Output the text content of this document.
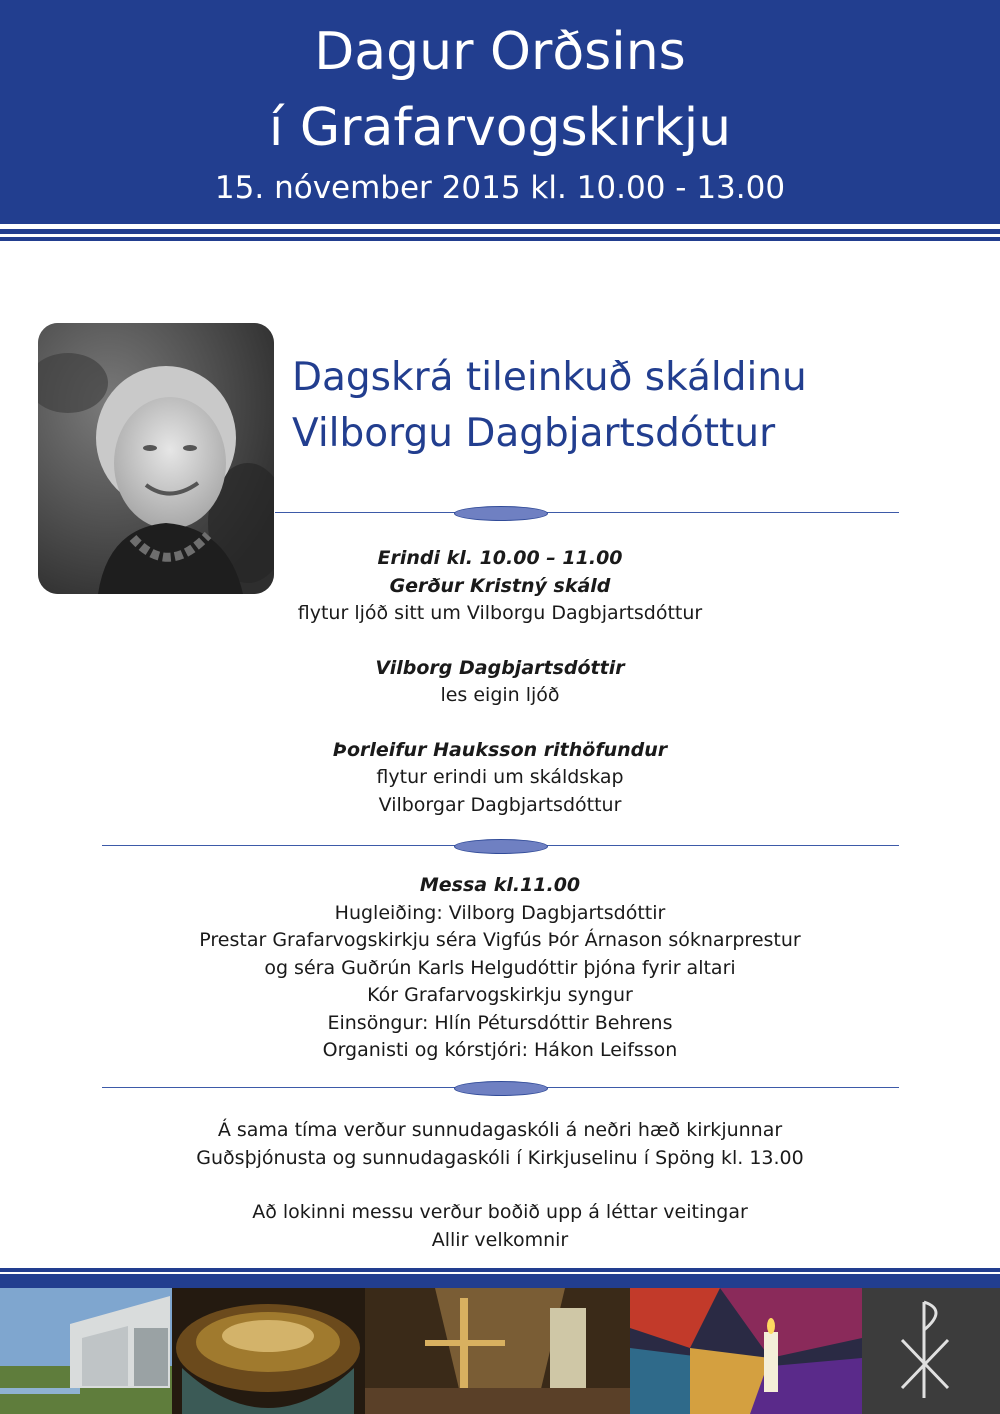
Dagur Orðsins
í Grafarvogskirkju
15. nóvember 2015 kl. 10.00 - 13.00
Dagskrá tileinkuð skáldinu
Vilborgu Dagbjartsdóttur
Erindi kl. 10.00 – 11.00
Gerður Kristný skáld
flytur ljóð sitt um Vilborgu Dagbjartsdóttur
Vilborg Dagbjartsdóttir
les eigin ljóð
Þorleifur Hauksson rithöfundur
flytur erindi um skáldskap
Vilborgar Dagbjartsdóttur
Messa kl.11.00
Hugleiðing: Vilborg Dagbjartsdóttir
Prestar Grafarvogskirkju séra Vigfús Þór Árnason sóknarprestur
og séra Guðrún Karls Helgudóttir þjóna fyrir altari
Kór Grafarvogskirkju syngur
Einsöngur: Hlín Pétursdóttir Behrens
Organisti og kórstjóri: Hákon Leifsson
Á sama tíma verður sunnudagaskóli á neðri hæð kirkjunnar
Guðsþjónusta og sunnudagaskóli í Kirkjuselinu í Spöng kl. 13.00
Að lokinni messu verður boðið upp á léttar veitingar
Allir velkomnir
